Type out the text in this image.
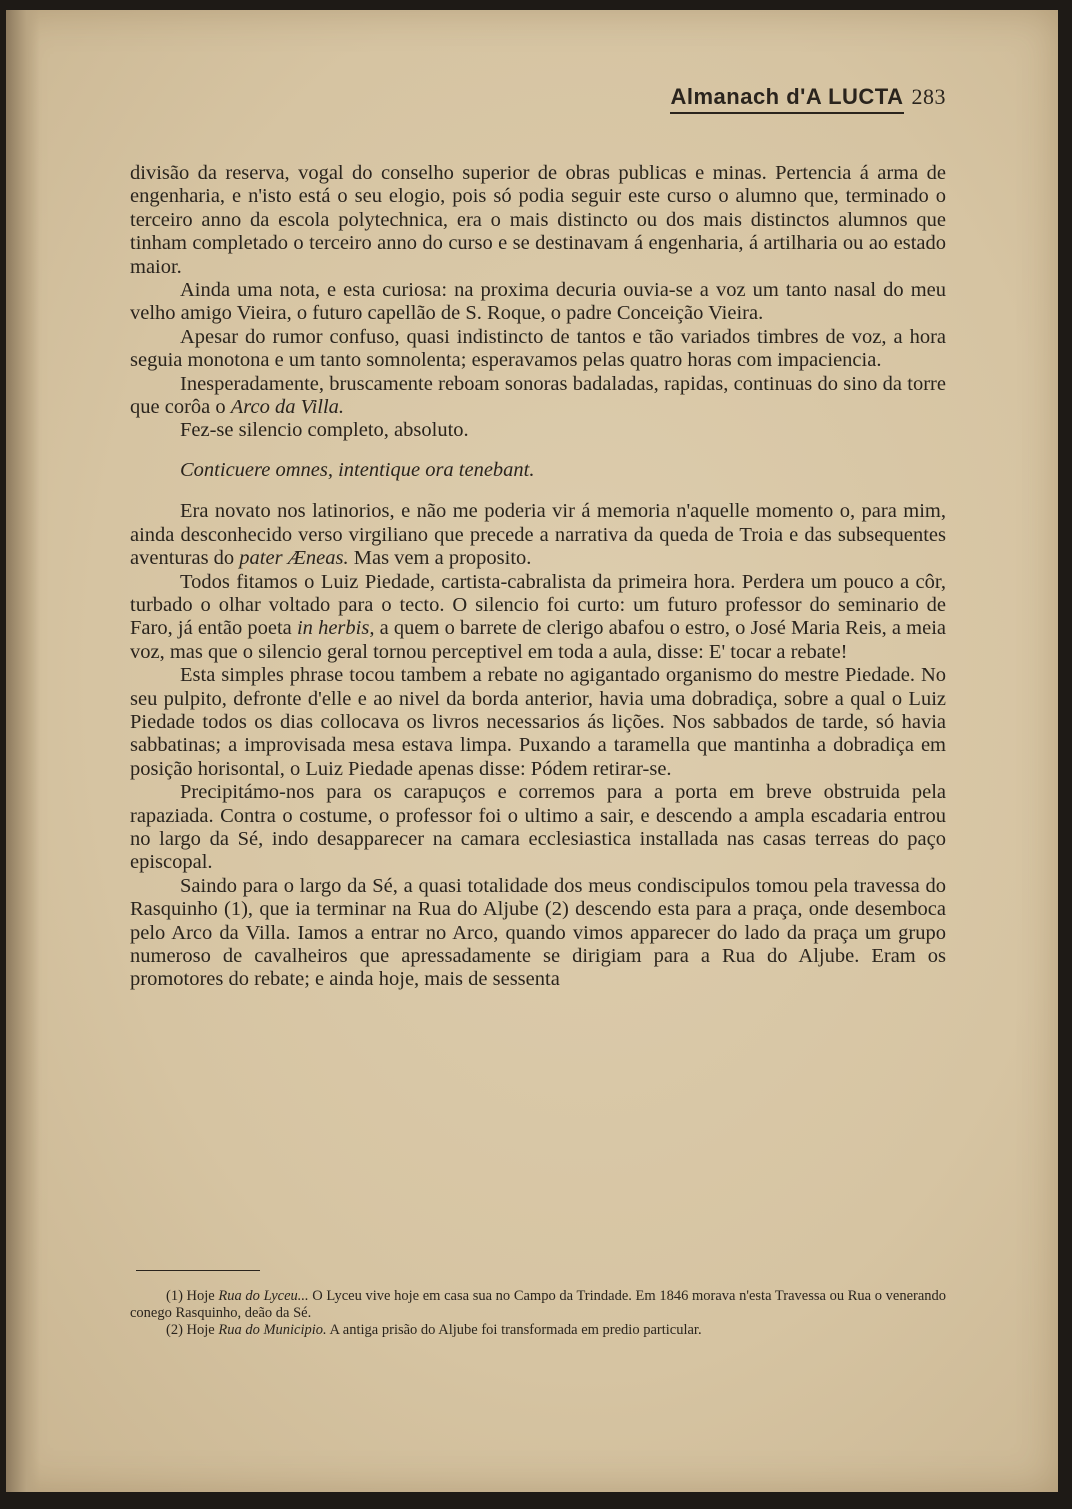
Almanach d'A LUCTA 283

divisão da reserva, vogal do conselho superior de obras publicas e minas. Pertencia á arma de engenharia, e n'isto está o seu elogio, pois só podia seguir este curso o alumno que, terminado o terceiro anno da escola polytechnica, era o mais distincto ou dos mais distinctos alumnos que tinham completado o terceiro anno do curso e se destinavam á engenharia, á artilharia ou ao estado maior.

Ainda uma nota, e esta curiosa: na proxima decuria ouvia-se a voz um tanto nasal do meu velho amigo Vieira, o futuro capellão de S. Roque, o padre Conceição Vieira.

Apesar do rumor confuso, quasi indistincto de tantos e tão variados timbres de voz, a hora seguia monotona e um tanto somnolenta; esperavamos pelas quatro horas com impaciencia.

Inesperadamente, bruscamente reboam sonoras badaladas, rapidas, continuas do sino da torre que corôa o Arco da Villa.

Fez-se silencio completo, absoluto.

Conticuere omnes, intentique ora tenebant.

Era novato nos latinorios, e não me poderia vir á memoria n'aquelle momento o, para mim, ainda desconhecido verso virgiliano que precede a narrativa da queda de Troia e das subsequentes aventuras do pater Æneas. Mas vem a proposito.

Todos fitamos o Luiz Piedade, cartista-cabralista da primeira hora. Perdera um pouco a côr, turbado o olhar voltado para o tecto. O silencio foi curto: um futuro professor do seminario de Faro, já então poeta in herbis, a quem o barrete de clerigo abafou o estro, o José Maria Reis, a meia voz, mas que o silencio geral tornou perceptivel em toda a aula, disse: E' tocar a rebate!

Esta simples phrase tocou tambem a rebate no agigantado organismo do mestre Piedade. No seu pulpito, defronte d'elle e ao nivel da borda anterior, havia uma dobradiça, sobre a qual o Luiz Piedade todos os dias collocava os livros necessarios ás lições. Nos sabbados de tarde, só havia sabbatinas; a improvisada mesa estava limpa. Puxando a taramella que mantinha a dobradiça em posição horisontal, o Luiz Piedade apenas disse: Pódem retirar-se.

Precipitámo-nos para os carapuços e corremos para a porta em breve obstruida pela rapaziada. Contra o costume, o professor foi o ultimo a sair, e descendo a ampla escadaria entrou no largo da Sé, indo desapparecer na camara ecclesiastica installada nas casas terreas do paço episcopal.

Saindo para o largo da Sé, a quasi totalidade dos meus condiscipulos tomou pela travessa do Rasquinho (1), que ia terminar na Rua do Aljube (2) descendo esta para a praça, onde desemboca pelo Arco da Villa. Iamos a entrar no Arco, quando vimos apparecer do lado da praça um grupo numeroso de cavalheiros que apressadamente se dirigiam para a Rua do Aljube. Eram os promotores do rebate; e ainda hoje, mais de sessenta

(1) Hoje Rua do Lyceu... O Lyceu vive hoje em casa sua no Campo da Trindade. Em 1846 morava n'esta Travessa ou Rua o venerando conego Rasquinho, deão da Sé.

(2) Hoje Rua do Municipio. A antiga prisão do Aljube foi transformada em predio particular.
